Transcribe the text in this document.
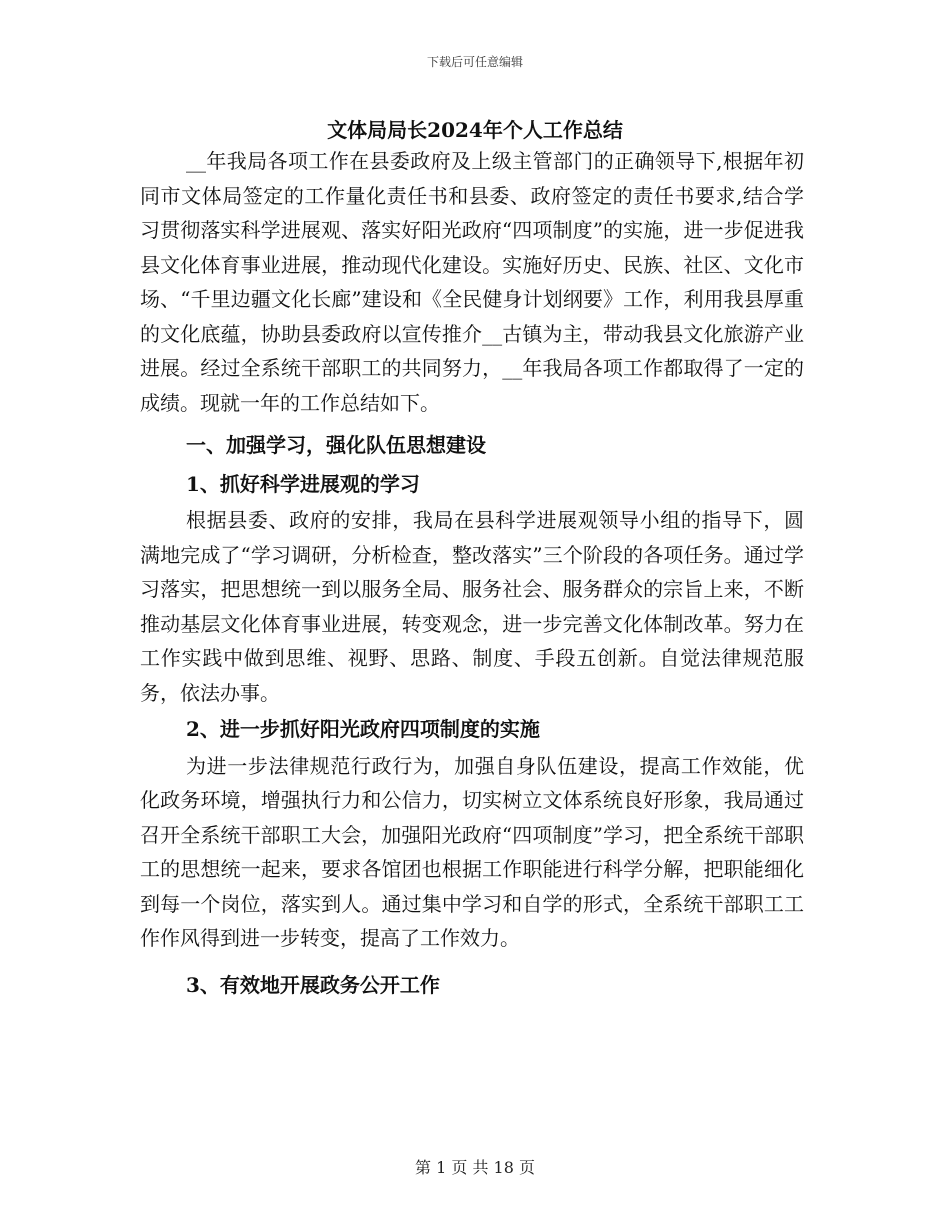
下载后可任意编辑
文体局局长2024年个人工作总结

__年我局各项工作在县委政府及上级主管部门的正确领导下,根据年初同市文体局签定的工作量化责任书和县委、政府签定的责任书要求,结合学习贯彻落实科学进展观、落实好阳光政府“四项制度”的实施，进一步促进我县文化体育事业进展，推动现代化建设。实施好历史、民族、社区、文化市场、“千里边疆文化长廊”建设和《全民健身计划纲要》工作，利用我县厚重的文化底蕴，协助县委政府以宣传推介__古镇为主，带动我县文化旅游产业进展。经过全系统干部职工的共同努力，__年我局各项工作都取得了一定的成绩。现就一年的工作总结如下。

一、加强学习，强化队伍思想建设

1、抓好科学进展观的学习

根据县委、政府的安排，我局在县科学进展观领导小组的指导下，圆满地完成了“学习调研，分析检查，整改落实”三个阶段的各项任务。通过学习落实，把思想统一到以服务全局、服务社会、服务群众的宗旨上来，不断推动基层文化体育事业进展，转变观念，进一步完善文化体制改革。努力在工作实践中做到思维、视野、思路、制度、手段五创新。自觉法律规范服务，依法办事。

2、进一步抓好阳光政府四项制度的实施

为进一步法律规范行政行为，加强自身队伍建设，提高工作效能，优化政务环境，增强执行力和公信力，切实树立文体系统良好形象，我局通过召开全系统干部职工大会，加强阳光政府“四项制度”学习，把全系统干部职工的思想统一起来，要求各馆团也根据工作职能进行科学分解，把职能细化到每一个岗位，落实到人。通过集中学习和自学的形式，全系统干部职工工作作风得到进一步转变，提高了工作效力。

3、有效地开展政务公开工作

第 1 页 共 18 页
